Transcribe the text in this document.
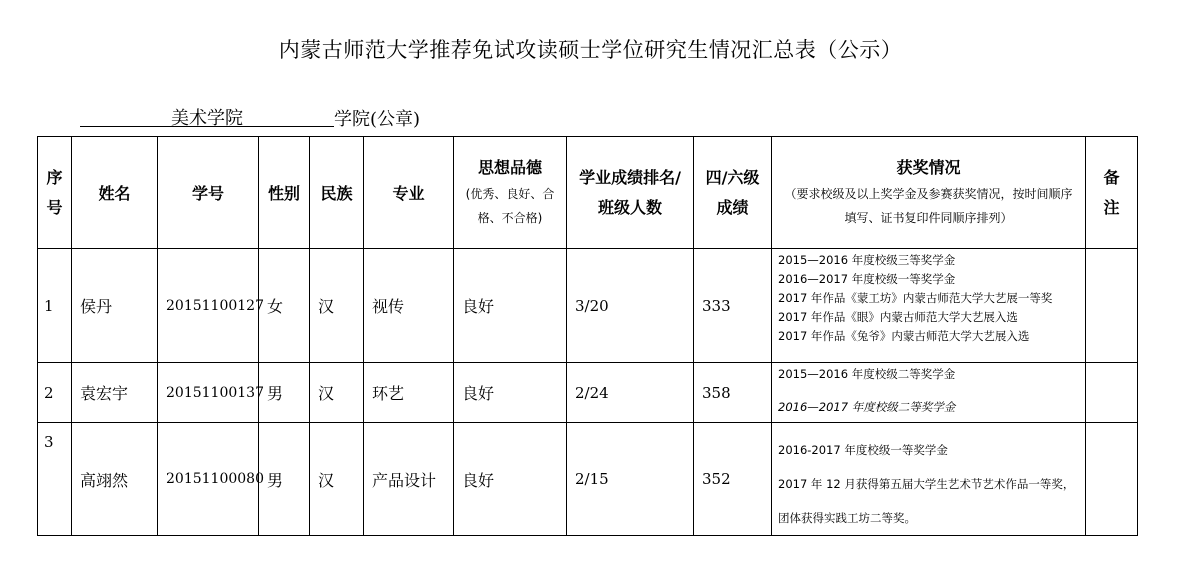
内蒙古师范大学推荐免试攻读硕士学位研究生情况汇总表（公示）
美术学院	学院(公章)
序号	姓名	学号	性别	民族	专业	思想品德
(优秀、良好、合格、不合格)	学业成绩排名/班级人数	四/六级成绩	获奖情况
（要求校级及以上奖学金及参赛获奖情况，按时间顺序填写、证书复印件同顺序排列）	备注

1	侯丹	20151100127	女	汉	视传	良好	3/20	333	2015—2016 年度校级三等奖学金
2016—2017 年度校级一等奖学金
2017 年作品《蒙工坊》内蒙古师范大学大艺展一等奖
2017 年作品《眼》内蒙古师范大学大艺展入选
2017 年作品《兔爷》内蒙古师范大学大艺展入选	

2	袁宏宇	20151100137	男	汉	环艺	良好	2/24	358	2015—2016 年度校级二等奖学金
2016—2017 年度校级二等奖学金	

3	高翊然	20151100080	男	汉	产品设计	良好	2/15	352	2016-2017 年度校级一等奖学金
2017 年 12 月获得第五届大学生艺术节艺术作品一等奖，团体获得实践工坊二等奖。	
